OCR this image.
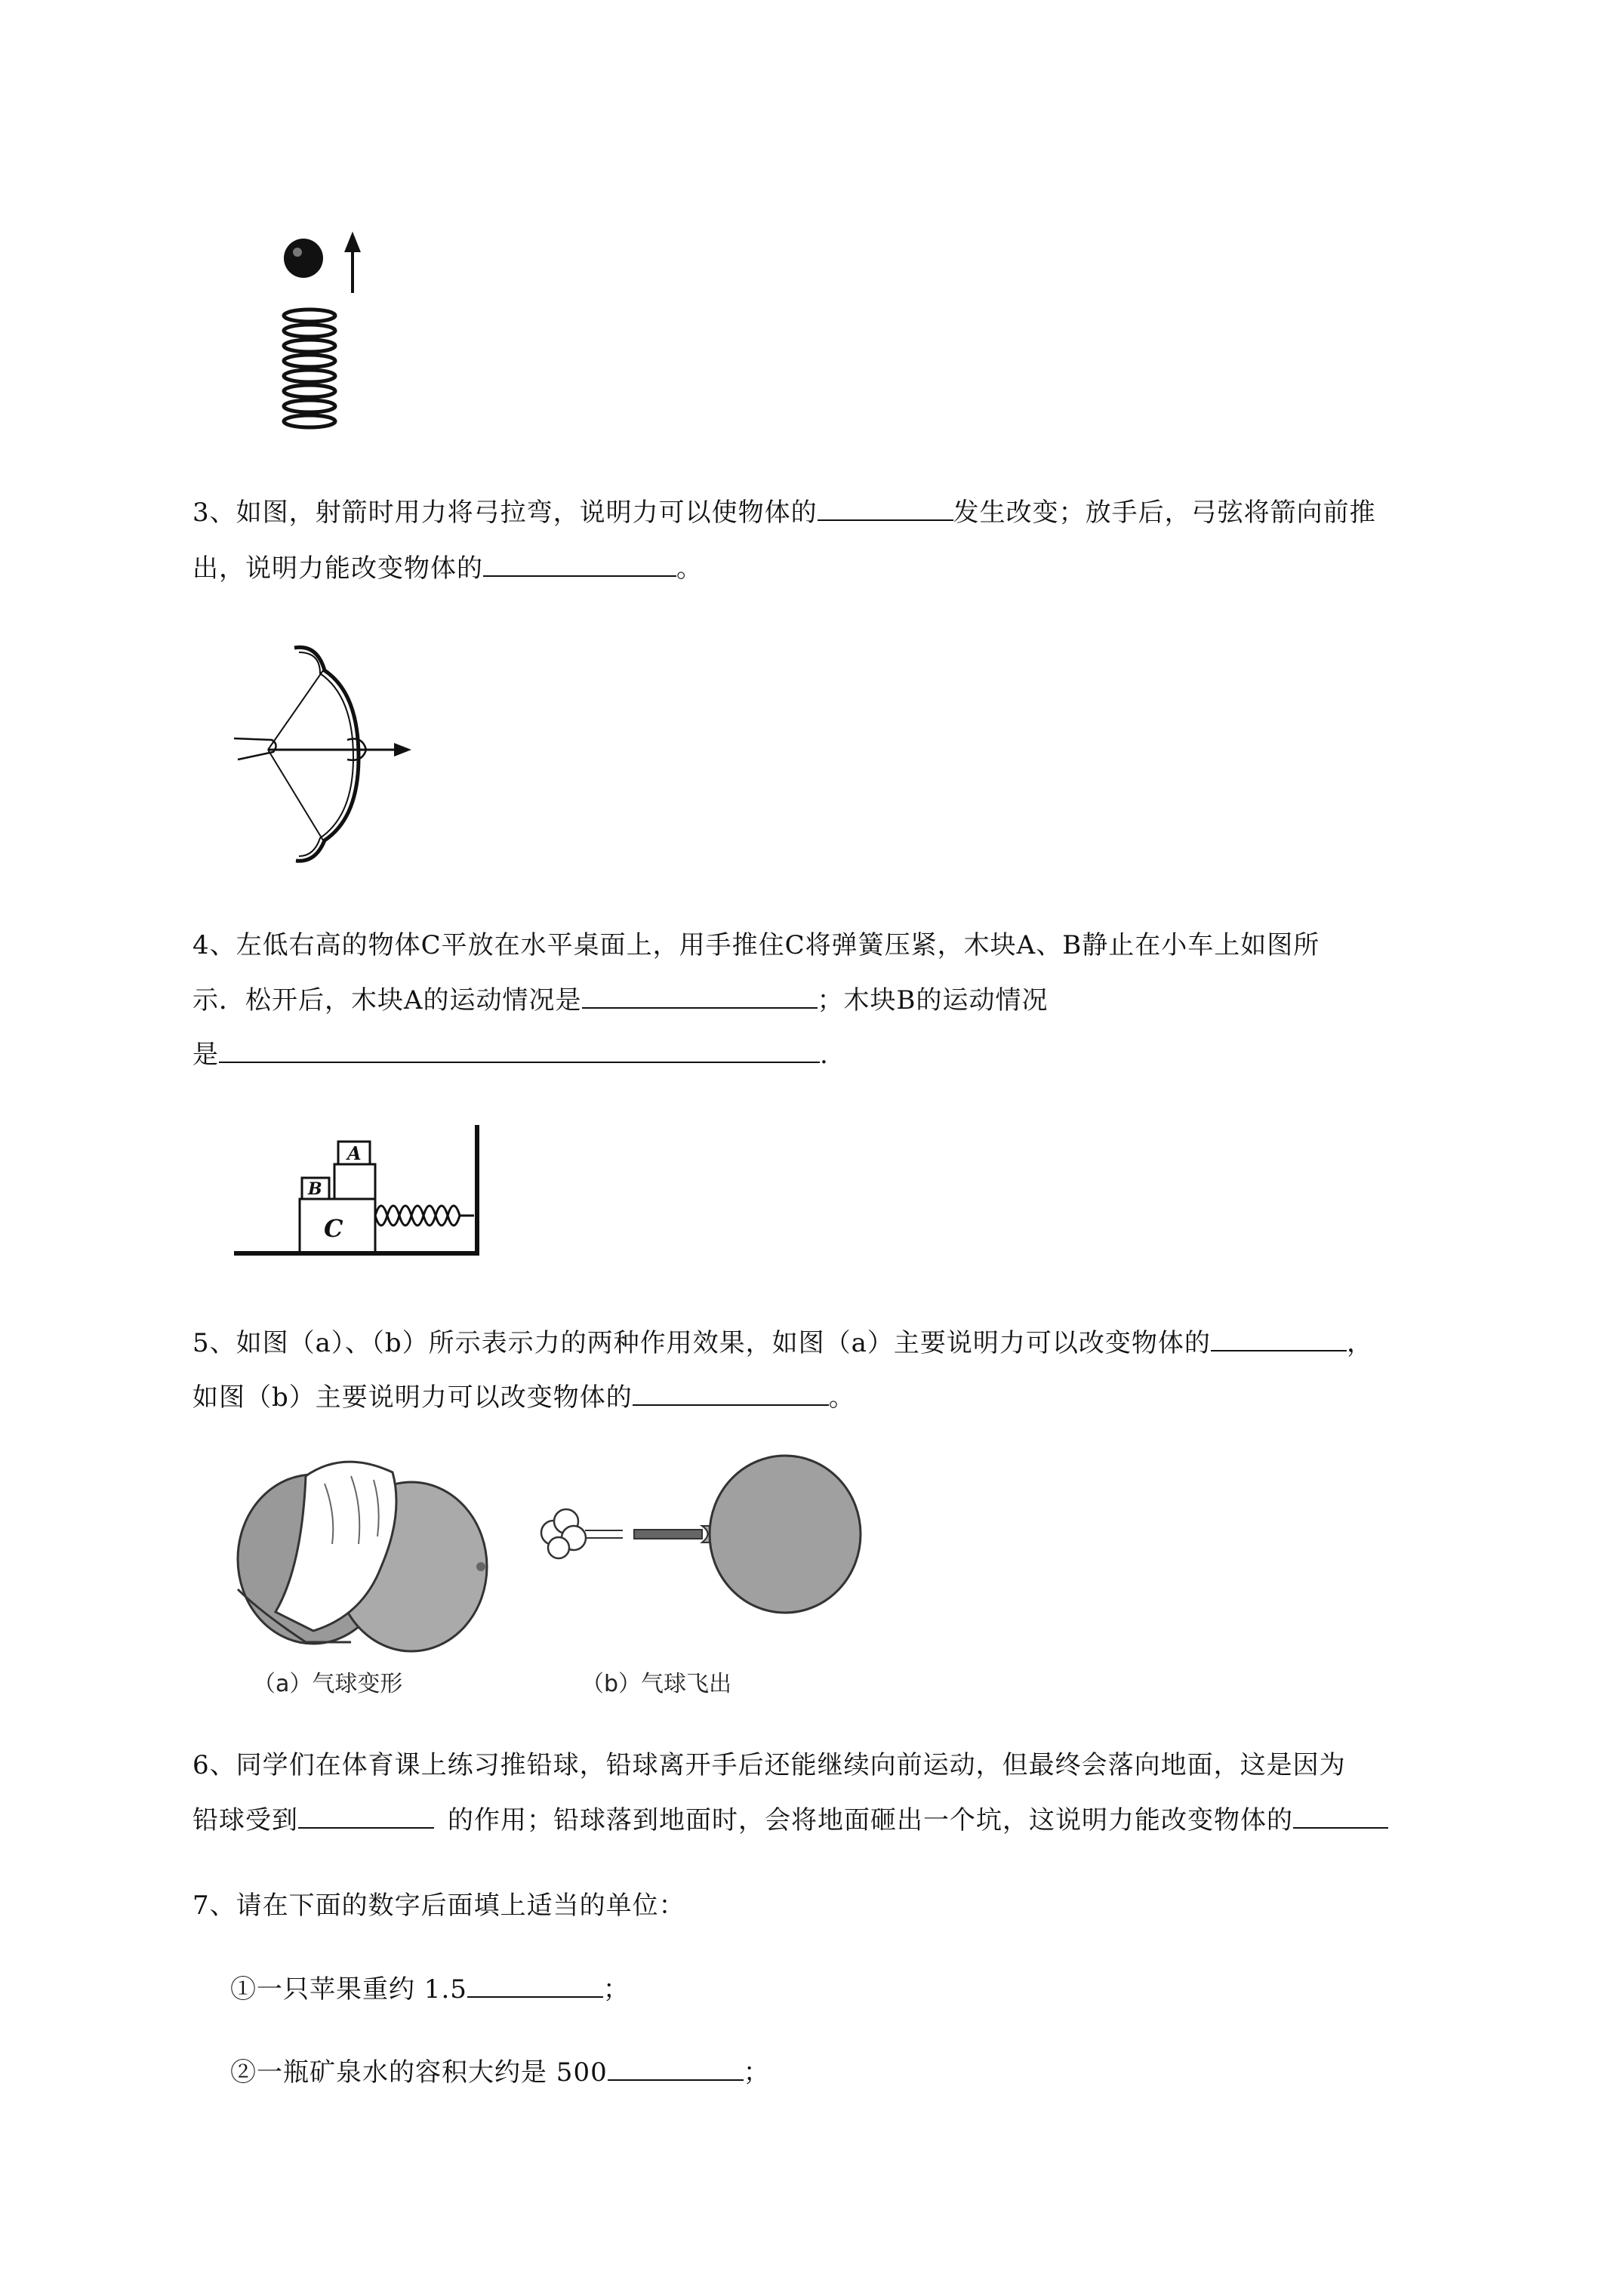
3、如图，射箭时用力将弓拉弯，说明力可以使物体的	发生改变；放手后，弓弦将箭向前推
出，说明力能改变物体的	。
4、左低右高的物体C平放在水平桌面上，用手推住C将弹簧压紧，木块A、B静止在小车上如图所
示．松开后，木块A的运动情况是	；木块B的运动情况
是	.
C
B
A
5、如图（a）、（b）所示表示力的两种作用效果，如图（a）主要说明力可以改变物体的	，
如图（b）主要说明力可以改变物体的	。
（a）气球变形	（b）气球飞出
6、同学们在体育课上练习推铅球，铅球离开手后还能继续向前运动，但最终会落向地面，这是因为
铅球受到	的作用；铅球落到地面时，会将地面砸出一个坑，这说明力能改变物体的
7、请在下面的数字后面填上适当的单位：
①一只苹果重约 1.5	；
②一瓶矿泉水的容积大约是 500	；
